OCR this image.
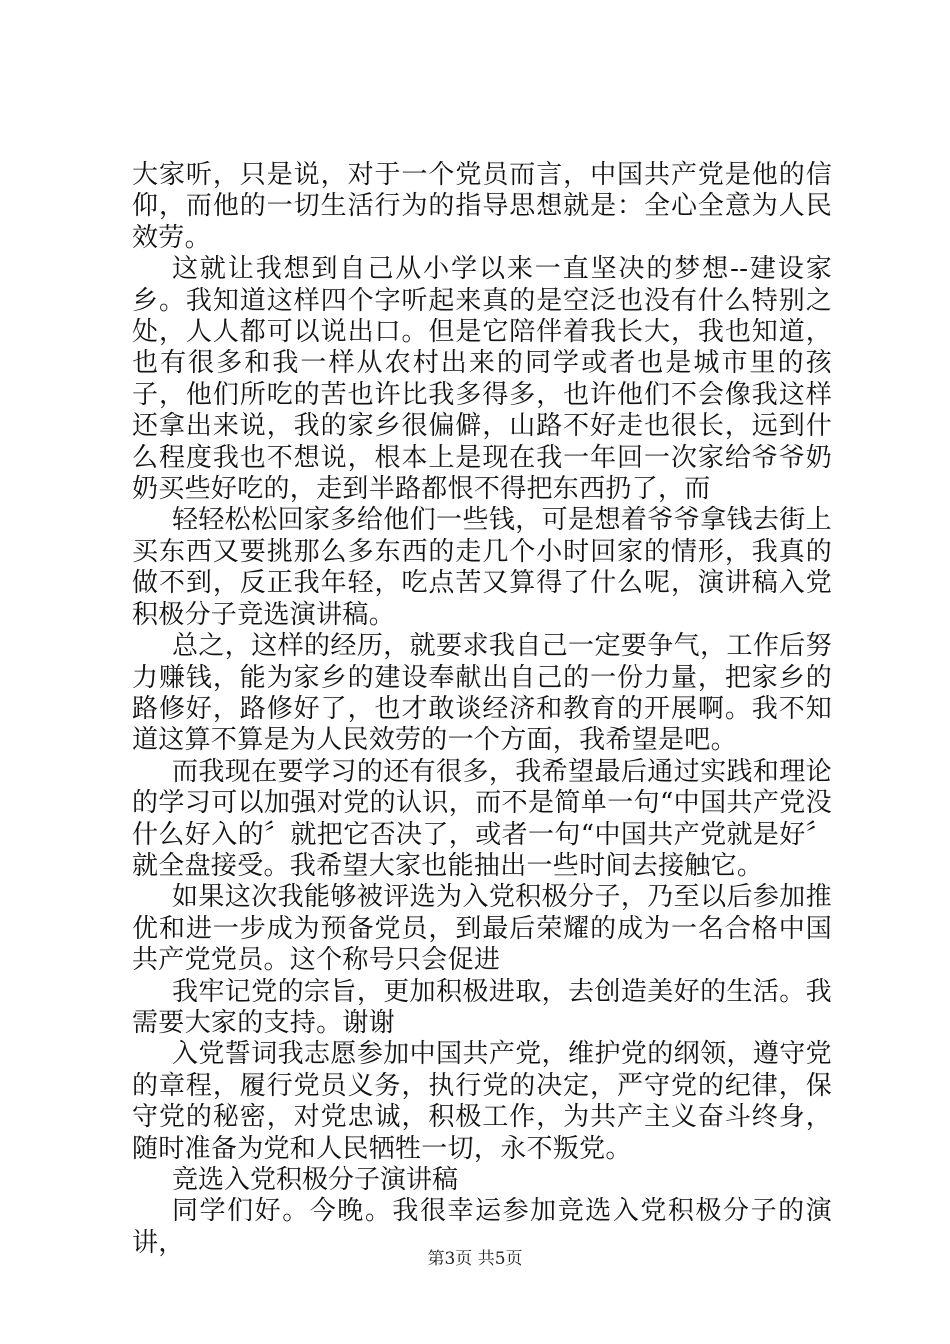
大家听，只是说，对于一个党员而言，中国共产党是他的信仰，而他的一切生活行为的指导思想就是：全心全意为人民效劳。

这就让我想到自己从小学以来一直坚决的梦想--建设家乡。我知道这样四个字听起来真的是空泛也没有什么特别之处，人人都可以说出口。但是它陪伴着我长大，我也知道，也有很多和我一样从农村出来的同学或者也是城市里的孩子，他们所吃的苦也许比我多得多，也许他们不会像我这样还拿出来说，我的家乡很偏僻，山路不好走也很长，远到什么程度我也不想说，根本上是现在我一年回一次家给爷爷奶奶买些好吃的，走到半路都恨不得把东西扔了，而

轻轻松松回家多给他们一些钱，可是想着爷爷拿钱去街上买东西又要挑那么多东西的走几个小时回家的情形，我真的做不到，反正我年轻，吃点苦又算得了什么呢，演讲稿入党积极分子竞选演讲稿。

总之，这样的经历，就要求我自己一定要争气，工作后努力赚钱，能为家乡的建设奉献出自己的一份力量，把家乡的路修好，路修好了，也才敢谈经济和教育的开展啊。我不知道这算不算是为人民效劳的一个方面，我希望是吧。

而我现在要学习的还有很多，我希望最后通过实践和理论的学习可以加强对党的认识，而不是简单一句“中国共产党没什么好入的〞就把它否决了，或者一句“中国共产党就是好〞就全盘接受。我希望大家也能抽出一些时间去接触它。

如果这次我能够被评选为入党积极分子，乃至以后参加推优和进一步成为预备党员，到最后荣耀的成为一名合格中国共产党党员。这个称号只会促进

我牢记党的宗旨，更加积极进取，去创造美好的生活。我需要大家的支持。谢谢

入党誓词我志愿参加中国共产党，维护党的纲领，遵守党的章程，履行党员义务，执行党的决定，严守党的纪律，保守党的秘密，对党忠诚，积极工作，为共产主义奋斗终身，随时准备为党和人民牺牲一切，永不叛党。

竞选入党积极分子演讲稿

同学们好。今晚。我很幸运参加竞选入党积极分子的演讲，

第3页 共5页
